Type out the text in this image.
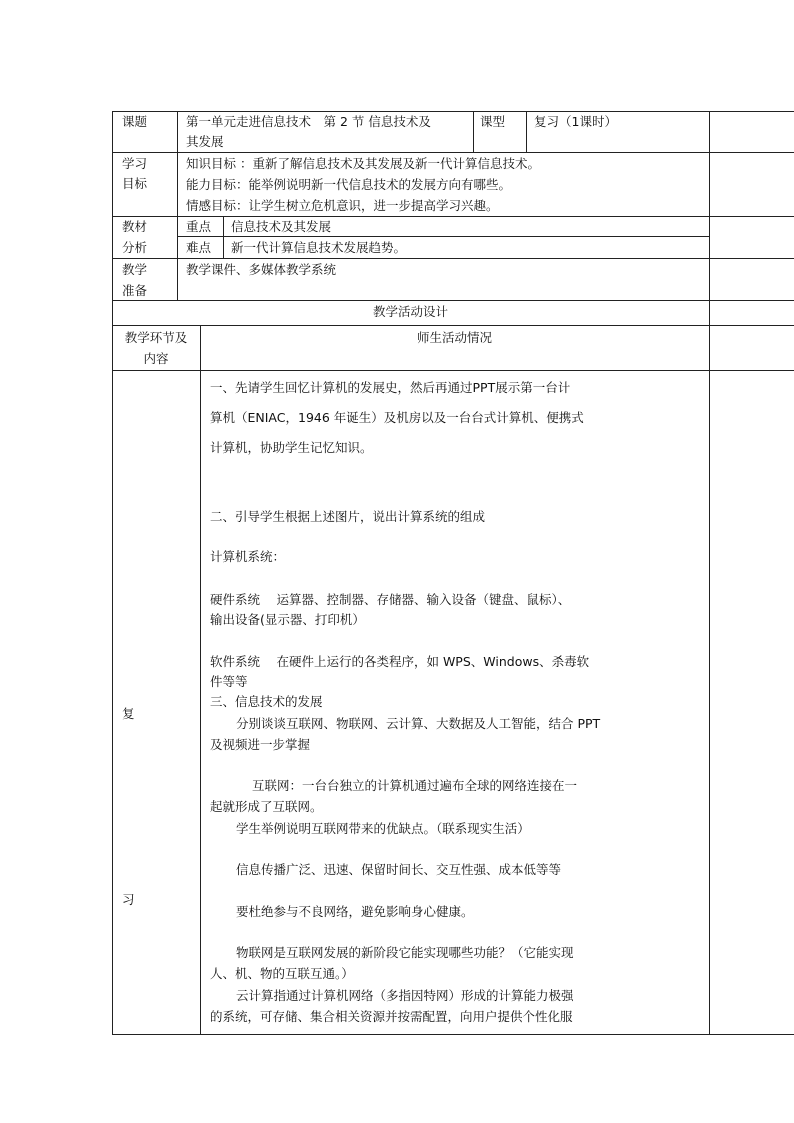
课题	第一单元走进信息技术　第 2 节 信息技术及
其发展
课型 复习（1课时）
学习
目标
知识目标 ：重新了解信息技术及其发展及新一代计算信息技术。
能力目标：能举例说明新一代信息技术的发展方向有哪些。
情感目标：让学生树立危机意识，进一步提高学习兴趣。
教材
分析
重点 信息技术及其发展
难点 新一代计算信息技术发展趋势。
教学
准备
教学课件、多媒体教学系统
教学活动设计
教学环节及
内容
师生活动情况
复
习
一、先请学生回忆计算机的发展史，然后再通过PPT展示第一台计
算机（ENIAC，1946 年诞生）及机房以及一台台式计算机、便携式
计算机，协助学生记忆知识。
二、引导学生根据上述图片，说出计算系统的组成
计算机系统：
硬件系统　 运算器、控制器、存储器、输入设备（键盘、鼠标）、
输出设备(显示器、打印机）
软件系统　 在硬件上运行的各类程序，如 WPS、Windows、杀毒软
件等等
三、信息技术的发展
分别谈谈互联网、物联网、云计算、大数据及人工智能，结合 PPT
及视频进一步掌握
互联网：一台台独立的计算机通过遍布全球的网络连接在一
起就形成了互联网。
学生举例说明互联网带来的优缺点。（联系现实生活）
信息传播广泛、迅速、保留时间长、交互性强、成本低等等
要杜绝参与不良网络，避免影响身心健康。
物联网是互联网发展的新阶段它能实现哪些功能？（它能实现
人、机、物的互联互通。）
云计算指通过计算机网络（多指因特网）形成的计算能力极强
的系统，可存储、集合相关资源并按需配置，向用户提供个性化服
